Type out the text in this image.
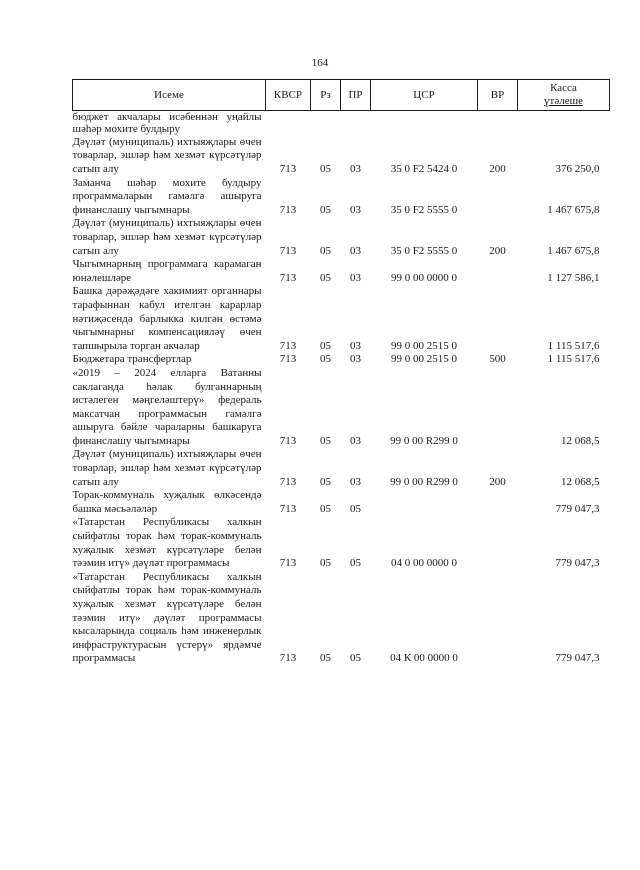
164
Исеме	КВСР	Рз	ПР	ЦСР	ВР	Касса
үтәлеше

бюджет акчалары исәбеннән уңайлы шәһәр мохите булдыру						
Дәүләт (муниципаль) ихтыяҗлары өчен товарлар, эшләр һәм хезмәт күрсәтүләр сатып алу	713	05	03	35 0 F2 5424 0	200	376 250,0
Заманча шәһәр мохите булдыру программаларын гамәлгә ашыруга финанслашу чыгымнары	713	05	03	35 0 F2 5555 0		1 467 675,8
Дәүләт (муниципаль) ихтыяҗлары өчен товарлар, эшләр һәм хезмәт күрсәтүләр сатып алу	713	05	03	35 0 F2 5555 0	200	1 467 675,8
Чыгымнарның программага карамаган юнәлешләре	713	05	03	99 0 00 0000 0		1 127 586,1
Башка дәрәҗәдәге хакимият органнары тарафыннан кабул ителгән карарлар нәтиҗәсендә барлыкка килгән өстәмә чыгымнарны компенсацияләү өчен тапшырыла торган акчалар	713	05	03	99 0 00 2515 0		1 115 517,6
Бюджетара трансфертлар	713	05	03	99 0 00 2515 0	500	1 115 517,6
«2019 – 2024 елларга Ватанны саклаганда һәлак булганнарның истәлеген мәңгеләштерү» федераль максатчан программасын гамәлгә ашыруга бәйле чараларны башкаруга финанслашу чыгымнары	713	05	03	99 0 00 R299 0		12 068,5
Дәүләт (муниципаль) ихтыяҗлары өчен товарлар, эшләр һәм хезмәт күрсәтүләр сатып алу	713	05	03	99 0 00 R299 0	200	12 068,5
Торак-коммуналь хуҗалык өлкәсендә башка мәсьәләләр	713	05	05			779 047,3
«Татарстан Республикасы халкын сыйфатлы торак һәм торак-коммуналь хуҗалык хезмәт күрсәтүләре белән тәэмин итү» дәүләт программасы	713	05	05	04 0 00 0000 0		779 047,3
«Татарстан Республикасы халкын сыйфатлы торак һәм торак-коммуналь хуҗалык хезмәт күрсәтүләре белән тәэмин итү» дәүләт программасы кысаларында социаль һәм инженерлык инфраструктурасын үстерү» ярдәмче программасы	713	05	05	04 К 00 0000 0		779 047,3
